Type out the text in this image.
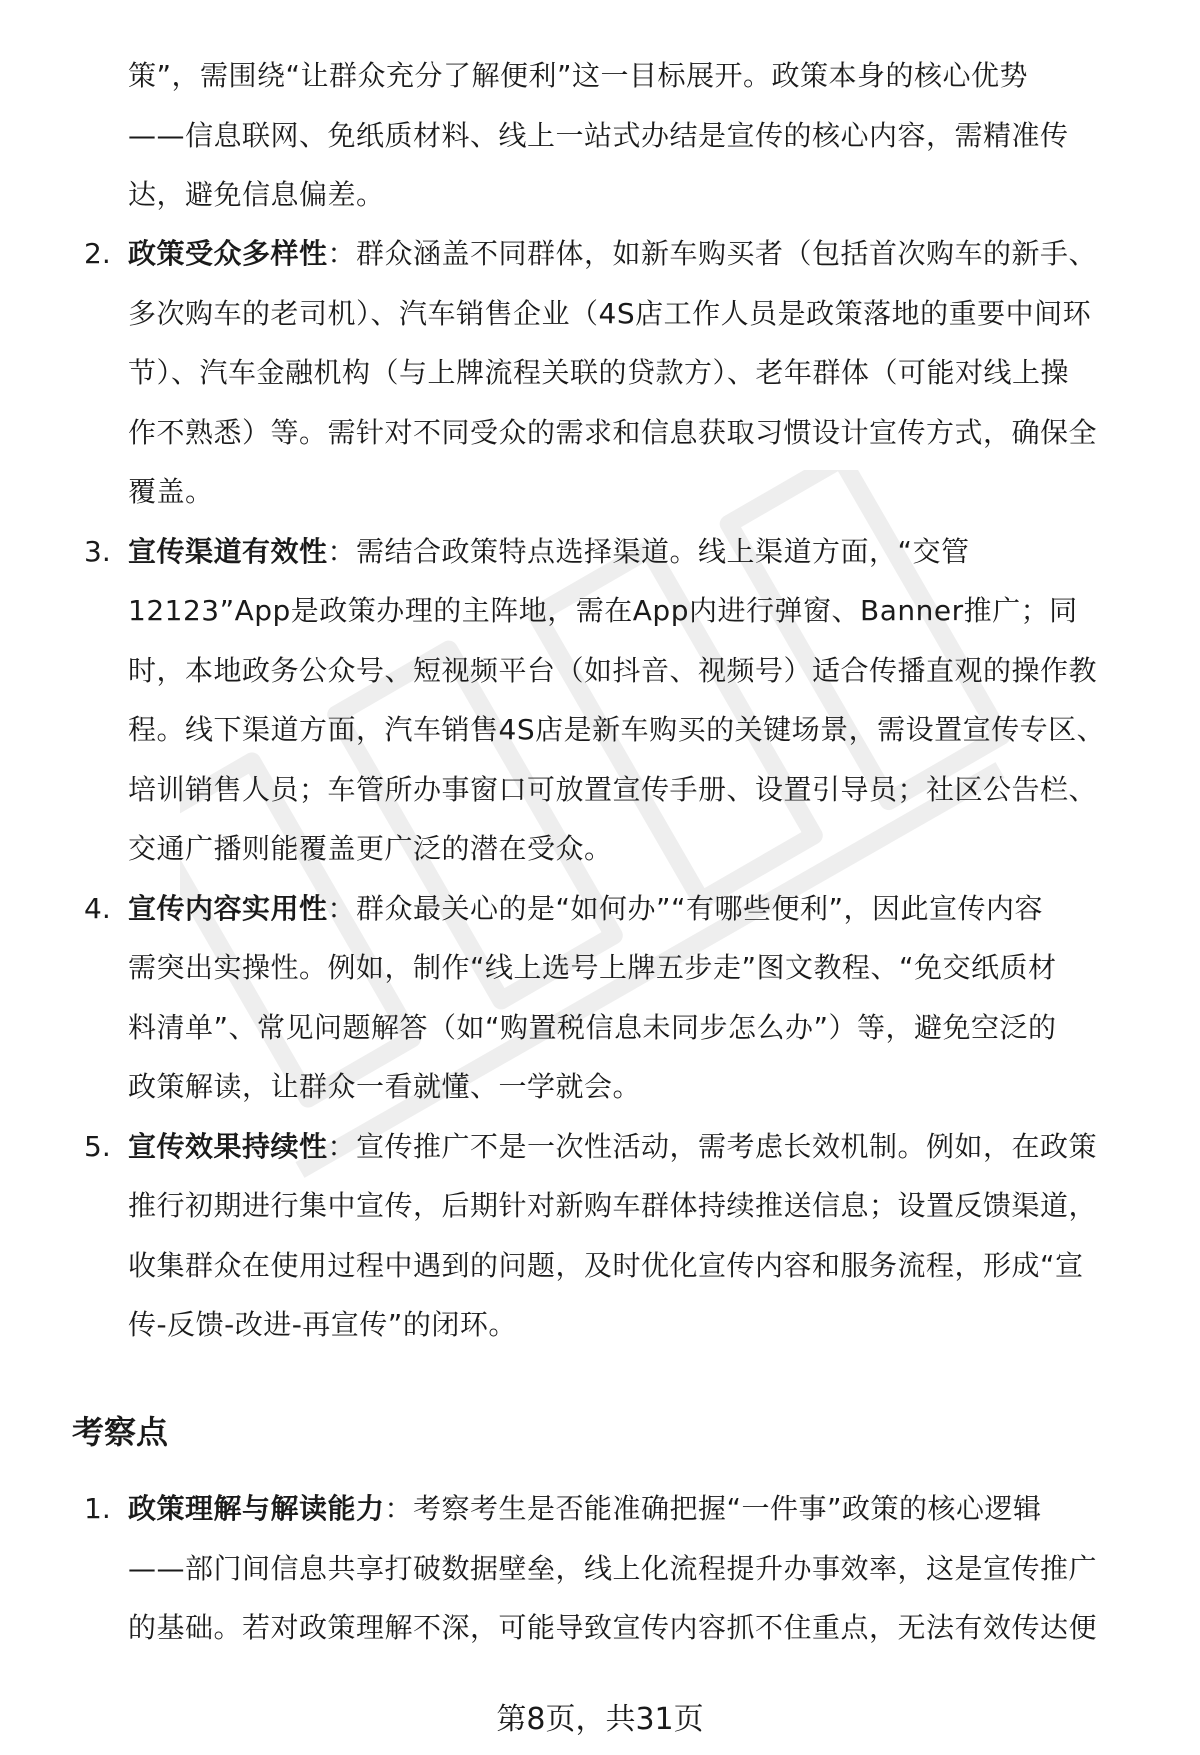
策”，需围绕“让群众充分了解便利”这一目标展开。政策本身的核心优势
——信息联网、免纸质材料、线上一站式办结是宣传的核心内容，需精准传
达，避免信息偏差。
2. 政策受众多样性：群众涵盖不同群体，如新车购买者（包括首次购车的新手、
多次购车的老司机）、汽车销售企业（4S店工作人员是政策落地的重要中间环
节）、汽车金融机构（与上牌流程关联的贷款方）、老年群体（可能对线上操
作不熟悉）等。需针对不同受众的需求和信息获取习惯设计宣传方式，确保全
覆盖。
3. 宣传渠道有效性：需结合政策特点选择渠道。线上渠道方面，“交管
12123”App是政策办理的主阵地，需在App内进行弹窗、Banner推广；同
时，本地政务公众号、短视频平台（如抖音、视频号）适合传播直观的操作教
程。线下渠道方面，汽车销售4S店是新车购买的关键场景，需设置宣传专区、
培训销售人员；车管所办事窗口可放置宣传手册、设置引导员；社区公告栏、
交通广播则能覆盖更广泛的潜在受众。
4. 宣传内容实用性：群众最关心的是“如何办”“有哪些便利”，因此宣传内容
需突出实操性。例如，制作“线上选号上牌五步走”图文教程、“免交纸质材
料清单”、常见问题解答（如“购置税信息未同步怎么办”）等，避免空泛的
政策解读，让群众一看就懂、一学就会。
5. 宣传效果持续性：宣传推广不是一次性活动，需考虑长效机制。例如，在政策
推行初期进行集中宣传，后期针对新购车群体持续推送信息；设置反馈渠道，
收集群众在使用过程中遇到的问题，及时优化宣传内容和服务流程，形成“宣
传-反馈-改进-再宣传”的闭环。
1. 政策理解与解读能力：考察考生是否能准确把握“一件事”政策的核心逻辑
——部门间信息共享打破数据壁垒，线上化流程提升办事效率，这是宣传推广
的基础。若对政策理解不深，可能导致宣传内容抓不住重点，无法有效传达便
考察点
第8页，共31页
